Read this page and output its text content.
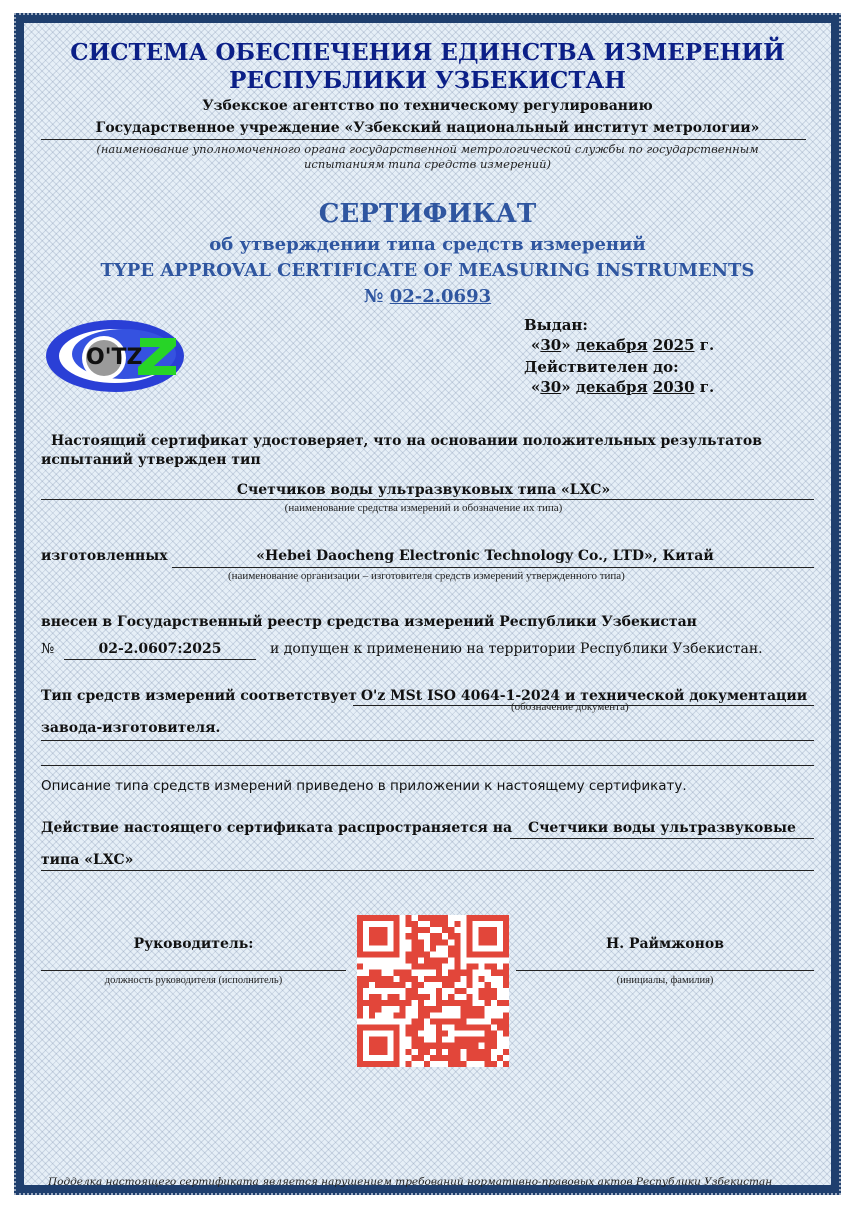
СИСТЕМА ОБЕСПЕЧЕНИЯ ЕДИНСТВА ИЗМЕРЕНИЙ
РЕСПУБЛИКИ УЗБЕКИСТАН
Узбекское агентство по техническому регулированию
Государственное учреждение «Узбекский национальный институт метрологии»
(наименование уполномоченного органа государственной метрологической службы по государственным испытаниям типа средств измерений)
СЕРТИФИКАТ
об утверждении типа средств измерений
TYPE APPROVAL CERTIFICATE OF MEASURING INSTRUMENTS
№ 02-2.0693
O'TZ
Выдан:
«30» декабря 2025 г.
Действителен до:
«30» декабря 2030 г.
Настоящий сертификат удостоверяет, что на основании положительных результатов испытаний утвержден тип
Счетчиков воды ультразвуковых типа «LXC»
(наименование средства измерений и обозначение их типа)
изготовленных	«Hebei Daocheng Electronic Technology Co., LTD», Китай
(наименование организации – изготовителя средств измерений утвержденного типа)
внесен в Государственный реестр средства измерений Республики Узбекистан
№	02-2.0607:2025	и допущен к применению на территории Республики Узбекистан.
Тип средств измерений соответствует O'z MSt ISO 4064-1-2024 и технической документации
(обозначение документа)
завода-изготовителя.
Описание типа средств измерений приведено в приложении к настоящему сертификату.
Действие настоящего сертификата распространяется на	Счетчики воды ультразвуковые
типа «LXC»
Руководитель:
должность руководителя (исполнитель)
Н. Раймжонов
(инициалы, фамилия)
Подделка настоящего сертификата является нарушением требований нормативно-правовых актов Республики Узбекистан
